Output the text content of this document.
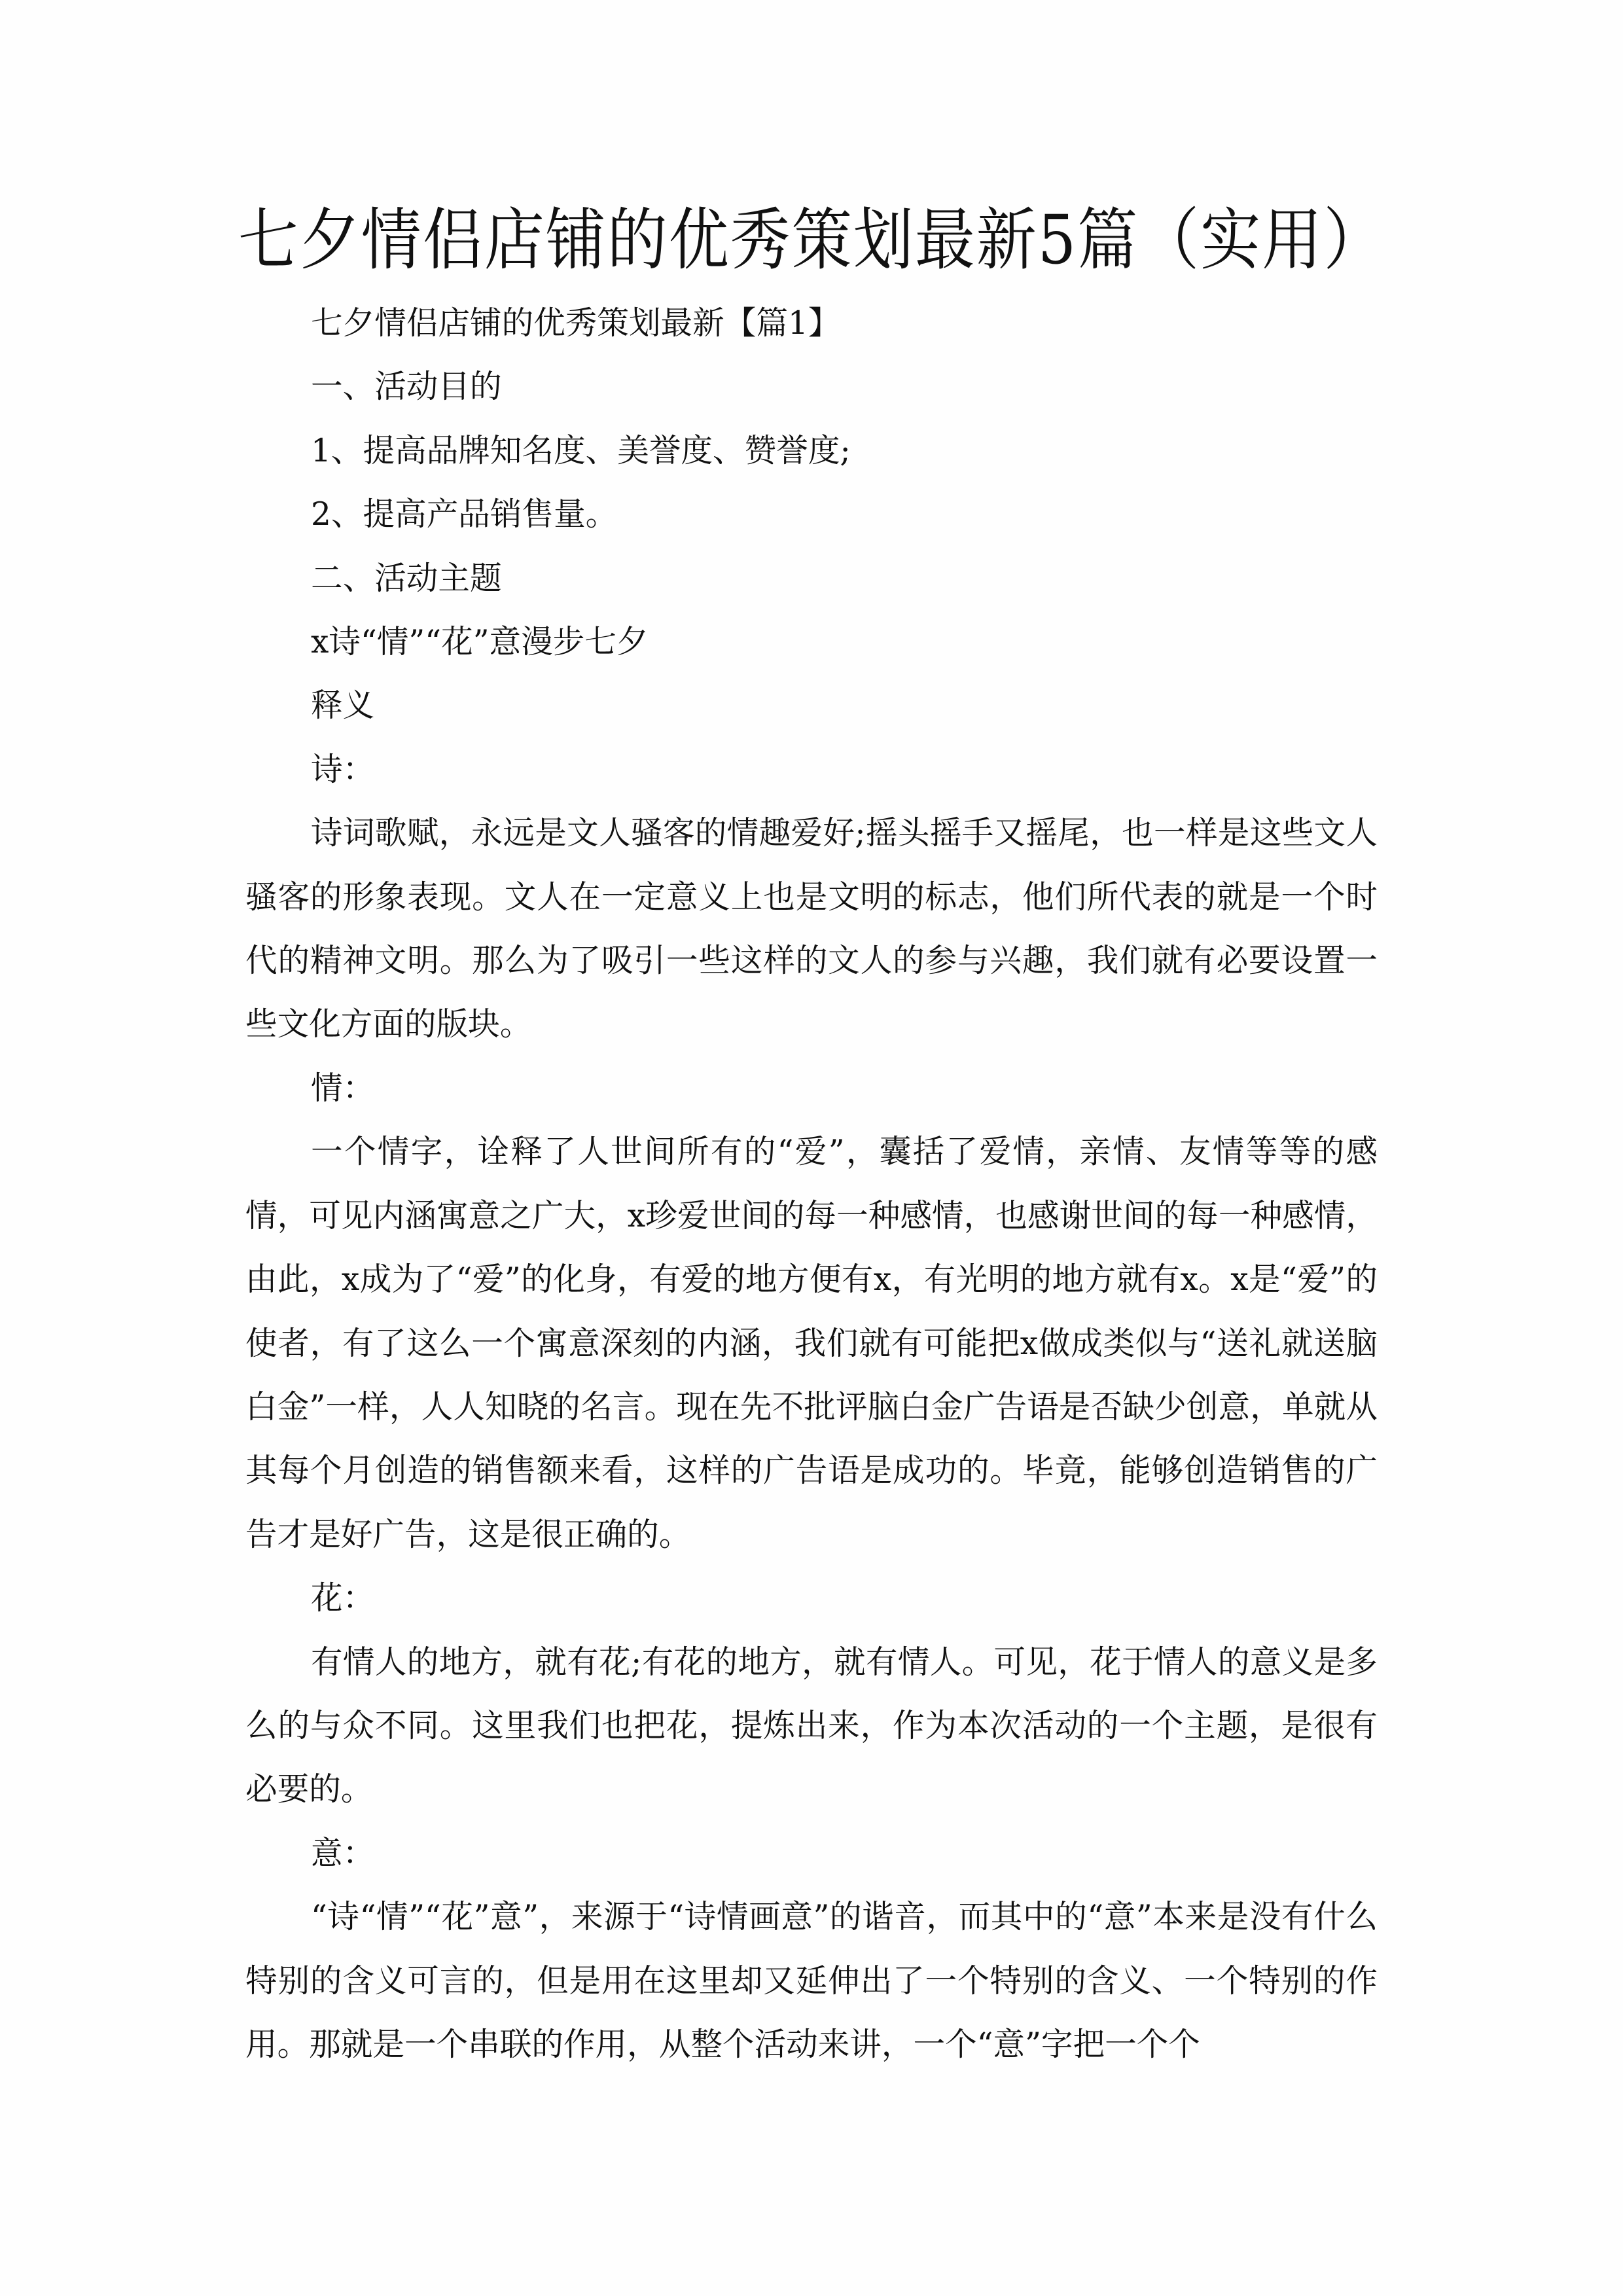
七夕情侣店铺的优秀策划最新5篇（实用）

七夕情侣店铺的优秀策划最新【篇1】

一、活动目的

1、提高品牌知名度、美誉度、赞誉度;

2、提高产品销售量。

二、活动主题

x诗“情”“花”意漫步七夕

释义

诗：

诗词歌赋，永远是文人骚客的情趣爱好;摇头摇手又摇尾，也一样是这些文人骚客的形象表现。文人在一定意义上也是文明的标志，他们所代表的就是一个时代的精神文明。那么为了吸引一些这样的文人的参与兴趣，我们就有必要设置一些文化方面的版块。

情：

一个情字，诠释了人世间所有的“爱”，囊括了爱情，亲情、友情等等的感情，可见内涵寓意之广大，x珍爱世间的每一种感情，也感谢世间的每一种感情，由此，x成为了“爱”的化身，有爱的地方便有x，有光明的地方就有x。x是“爱”的使者，有了这么一个寓意深刻的内涵，我们就有可能把x做成类似与“送礼就送脑白金”一样，人人知晓的名言。现在先不批评脑白金广告语是否缺少创意，单就从其每个月创造的销售额来看，这样的广告语是成功的。毕竟，能够创造销售的广告才是好广告，这是很正确的。

花：

有情人的地方，就有花;有花的地方，就有情人。可见，花于情人的意义是多么的与众不同。这里我们也把花，提炼出来，作为本次活动的一个主题，是很有必要的。

意：

“诗“情”“花”意”，来源于“诗情画意”的谐音，而其中的“意”本来是没有什么特别的含义可言的，但是用在这里却又延伸出了一个特别的含义、一个特别的作用。那就是一个串联的作用，从整个活动来讲，一个“意”字把一个个
